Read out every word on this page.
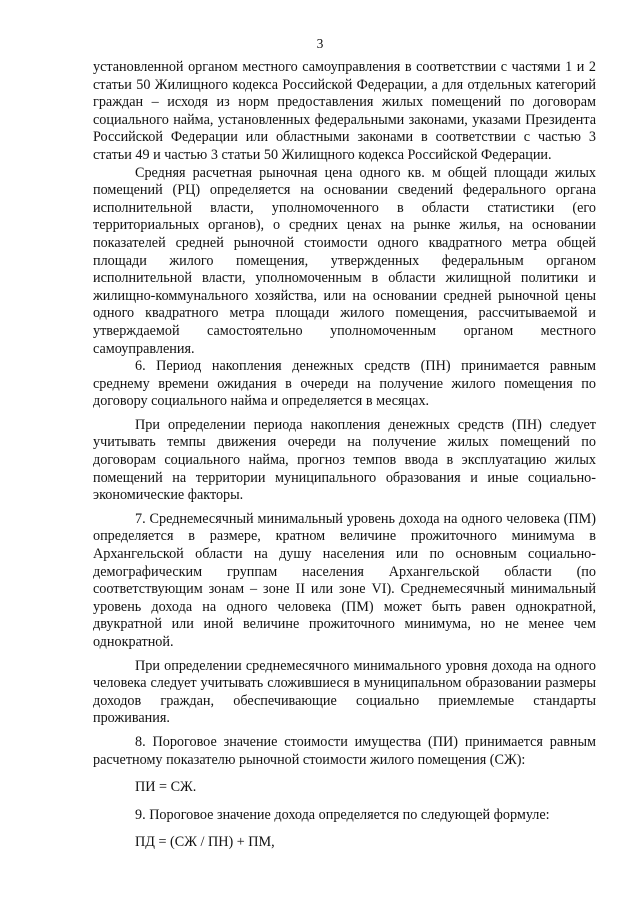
3

установленной органом местного самоуправления в соответствии с частями 1 и 2 статьи 50 Жилищного кодекса Российской Федерации, а для отдельных категорий граждан – исходя из норм предоставления жилых помещений по договорам социального найма, установленных федеральными законами, указами Президента Российской Федерации или областными законами в соответствии с частью 3 статьи 49 и частью 3 статьи 50 Жилищного кодекса Российской Федерации.

Средняя расчетная рыночная цена одного кв. м общей площади жилых помещений (РЦ) определяется на основании сведений федерального органа исполнительной власти, уполномоченного в области статистики (его территориальных органов), о средних ценах на рынке жилья, на основании показателей средней рыночной стоимости одного квадратного метра общей площади жилого помещения, утвержденных федеральным органом исполнительной власти, уполномоченным в области жилищной политики и жилищно-коммунального хозяйства, или на основании средней рыночной цены одного квадратного метра площади жилого помещения, рассчитываемой и утверждаемой самостоятельно уполномоченным органом местного самоуправления.

6. Период накопления денежных средств (ПН) принимается равным среднему времени ожидания в очереди на получение жилого помещения по договору социального найма и определяется в месяцах.

При определении периода накопления денежных средств (ПН) следует учитывать темпы движения очереди на получение жилых помещений по договорам социального найма, прогноз темпов ввода в эксплуатацию жилых помещений на территории муниципального образования и иные социально-экономические факторы.

7. Среднемесячный минимальный уровень дохода на одного человека (ПМ) определяется в размере, кратном величине прожиточного минимума в Архангельской области на душу населения или по основным социально-демографическим группам населения Архангельской области (по соответствующим зонам – зоне II или зоне VI). Среднемесячный минимальный уровень дохода на одного человека (ПМ) может быть равен однократной, двукратной или иной величине прожиточного минимума, но не менее чем однократной.

При определении среднемесячного минимального уровня дохода на одного человека следует учитывать сложившиеся в муниципальном образовании размеры доходов граждан, обеспечивающие социально приемлемые стандарты проживания.

8. Пороговое значение стоимости имущества (ПИ) принимается равным расчетному показателю рыночной стоимости жилого помещения (СЖ):

ПИ = СЖ.

9. Пороговое значение дохода определяется по следующей формуле:

ПД = (СЖ / ПН) + ПМ,
